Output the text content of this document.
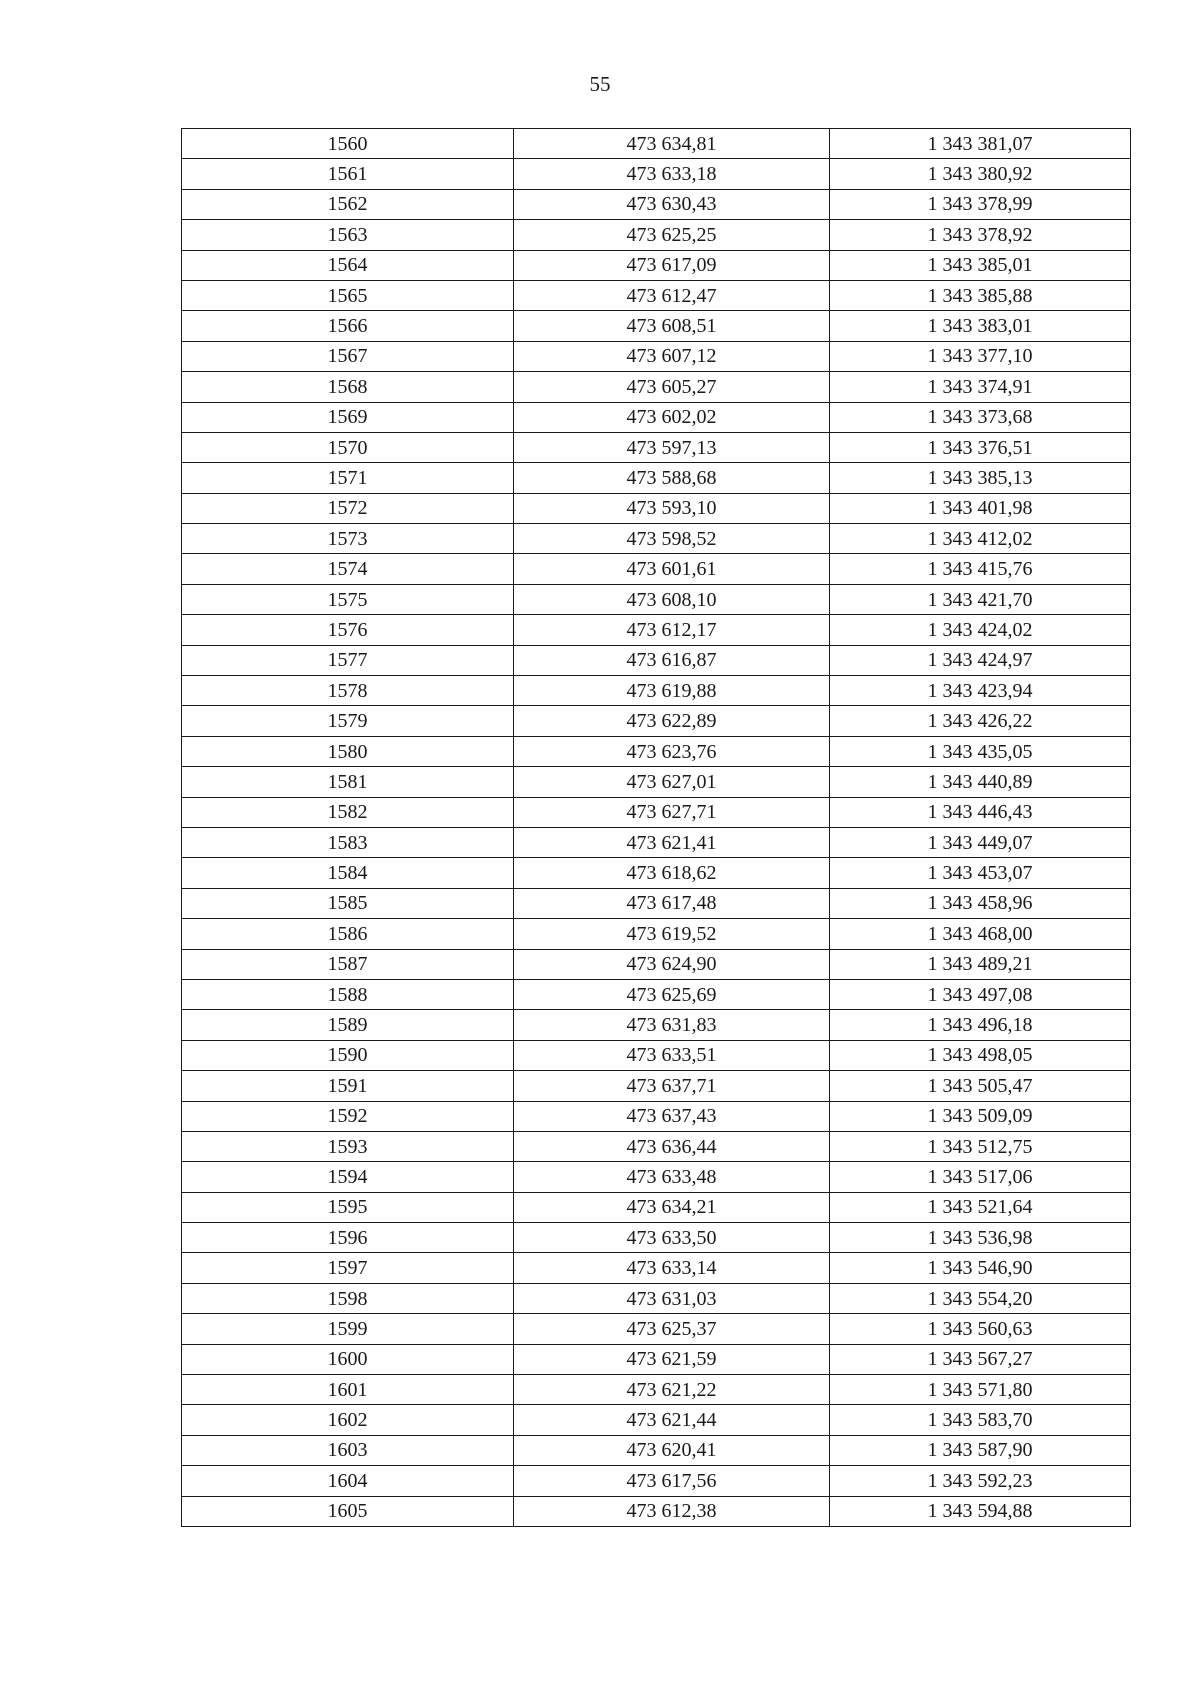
55
1560	473 634,81	1 343 381,07
1561	473 633,18	1 343 380,92
1562	473 630,43	1 343 378,99
1563	473 625,25	1 343 378,92
1564	473 617,09	1 343 385,01
1565	473 612,47	1 343 385,88
1566	473 608,51	1 343 383,01
1567	473 607,12	1 343 377,10
1568	473 605,27	1 343 374,91
1569	473 602,02	1 343 373,68
1570	473 597,13	1 343 376,51
1571	473 588,68	1 343 385,13
1572	473 593,10	1 343 401,98
1573	473 598,52	1 343 412,02
1574	473 601,61	1 343 415,76
1575	473 608,10	1 343 421,70
1576	473 612,17	1 343 424,02
1577	473 616,87	1 343 424,97
1578	473 619,88	1 343 423,94
1579	473 622,89	1 343 426,22
1580	473 623,76	1 343 435,05
1581	473 627,01	1 343 440,89
1582	473 627,71	1 343 446,43
1583	473 621,41	1 343 449,07
1584	473 618,62	1 343 453,07
1585	473 617,48	1 343 458,96
1586	473 619,52	1 343 468,00
1587	473 624,90	1 343 489,21
1588	473 625,69	1 343 497,08
1589	473 631,83	1 343 496,18
1590	473 633,51	1 343 498,05
1591	473 637,71	1 343 505,47
1592	473 637,43	1 343 509,09
1593	473 636,44	1 343 512,75
1594	473 633,48	1 343 517,06
1595	473 634,21	1 343 521,64
1596	473 633,50	1 343 536,98
1597	473 633,14	1 343 546,90
1598	473 631,03	1 343 554,20
1599	473 625,37	1 343 560,63
1600	473 621,59	1 343 567,27
1601	473 621,22	1 343 571,80
1602	473 621,44	1 343 583,70
1603	473 620,41	1 343 587,90
1604	473 617,56	1 343 592,23
1605	473 612,38	1 343 594,88
